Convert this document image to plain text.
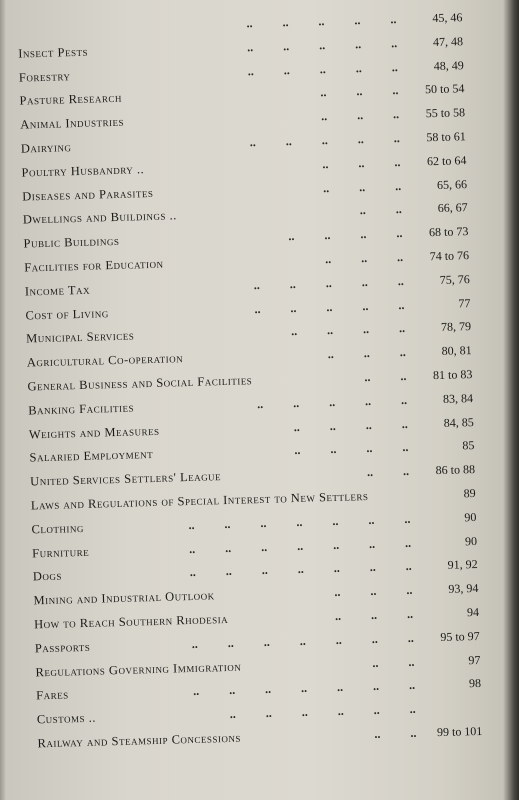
..          ..          ..          ..          ..	45, 46
Insect Pests	..          ..          ..          ..          ..	47, 48
Forestry	..          ..          ..          ..          ..	48, 49
Pasture Research	..          ..          .. 50 to 54
Animal Industries	..          ..          .. 55 to 58
Dairying	..          ..          ..          ..          .. 58 to 61
Poultry Husbandry ..	..          ..          .. 62 to 64
Diseases and Parasites	..          ..          ..	65, 66
Dwellings and Buildings ..	..          ..	66, 67
Public Buildings	..          ..          ..          .. 68 to 73
Facilities for Education	..          ..          .. 74 to 76
Income Tax	..          ..          ..          ..          ..	75, 76
Cost of Living	..          ..          ..          ..          ..	77
Municipal Services	..          ..          ..          ..	78, 79
Agricultural Co-operation	..          ..          ..	80, 81
General Business and Social Facilities	..          .. 81 to 83
Banking Facilities	..          ..          ..          ..          ..	83, 84
Weights and Measures	..          ..          ..          ..	84, 85
Salaried Employment	..          ..          ..          ..	85
United Services Settlers' League	..          .. 86 to 88
Laws and Regulations of Special Interest to New Settlers	89
Clothing	..          ..          ..          ..          ..          ..          ..	90
Furniture	..          ..          ..          ..          ..          ..          ..	90
Dogs	..          ..          ..          ..          ..          ..          ..	91, 92
Mining and Industrial Outlook	..          ..          ..	93, 94
How to Reach Southern Rhodesia	..          ..          ..	94
Passports	..          ..          ..          ..          ..          ..          .. 95 to 97
Regulations Governing Immigration	..          ..	97
Fares	..          ..          ..          ..          ..          ..          ..	98
Customs ..	..          ..          ..          ..          ..          ..
Railway and Steamship Concessions	..          .. 99 to 101
